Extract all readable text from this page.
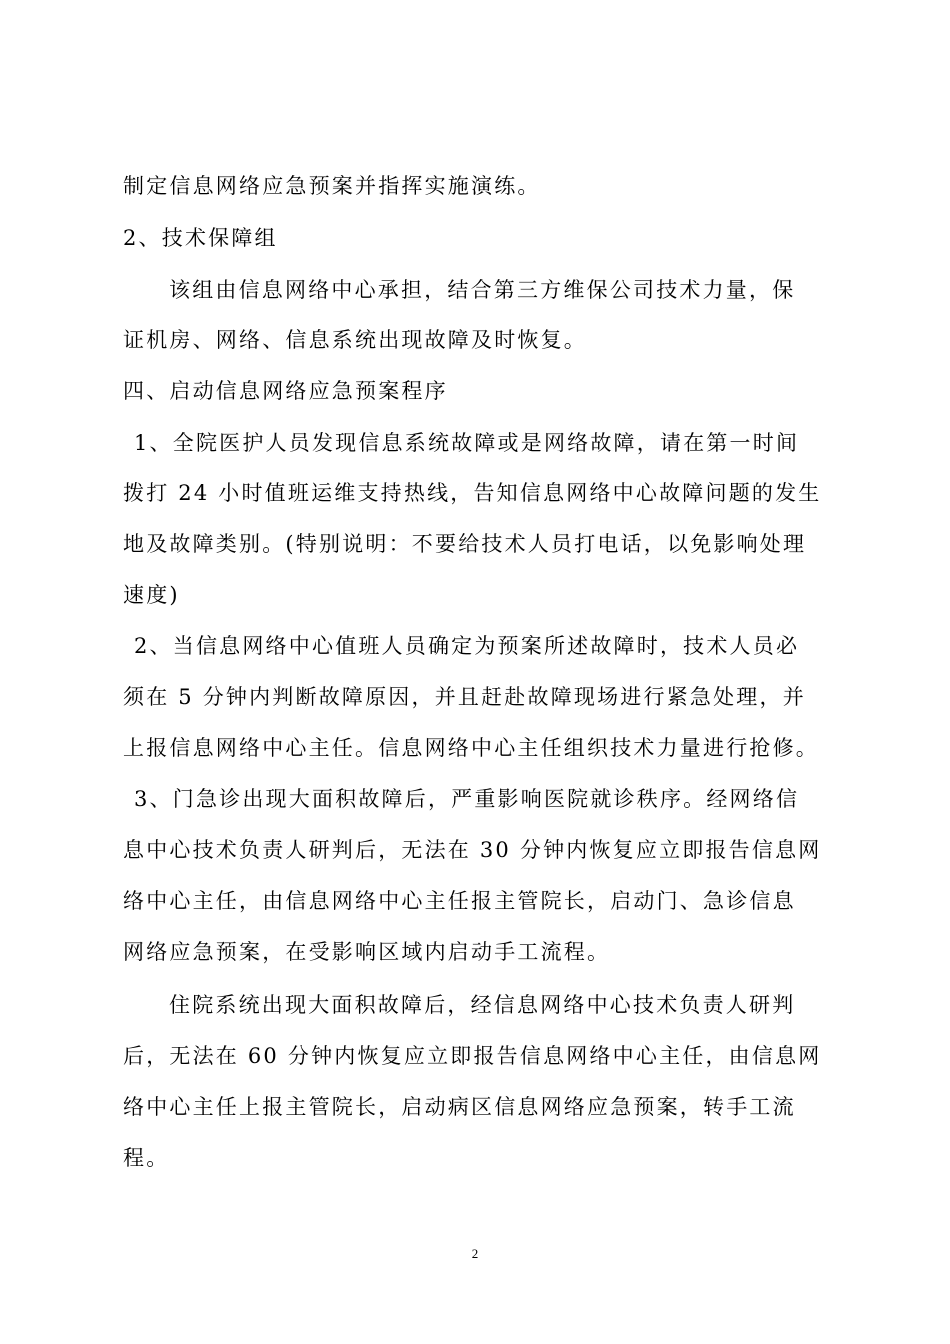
制定信息网络应急预案并指挥实施演练。
2、技术保障组
该组由信息网络中心承担，结合第三方维保公司技术力量，保
证机房、网络、信息系统出现故障及时恢复。
四、启动信息网络应急预案程序
1、全院医护人员发现信息系统故障或是网络故障，请在第一时间
拨打 24 小时值班运维支持热线，告知信息网络中心故障问题的发生
地及故障类别。(特别说明：不要给技术人员打电话，以免影响处理
速度)
2、当信息网络中心值班人员确定为预案所述故障时，技术人员必
须在 5 分钟内判断故障原因，并且赶赴故障现场进行紧急处理，并
上报信息网络中心主任。信息网络中心主任组织技术力量进行抢修。
3、门急诊出现大面积故障后，严重影响医院就诊秩序。经网络信
息中心技术负责人研判后，无法在 30 分钟内恢复应立即报告信息网
络中心主任，由信息网络中心主任报主管院长，启动门、急诊信息
网络应急预案，在受影响区域内启动手工流程。
住院系统出现大面积故障后，经信息网络中心技术负责人研判
后，无法在 60 分钟内恢复应立即报告信息网络中心主任，由信息网
络中心主任上报主管院长，启动病区信息网络应急预案，转手工流
程。
2
